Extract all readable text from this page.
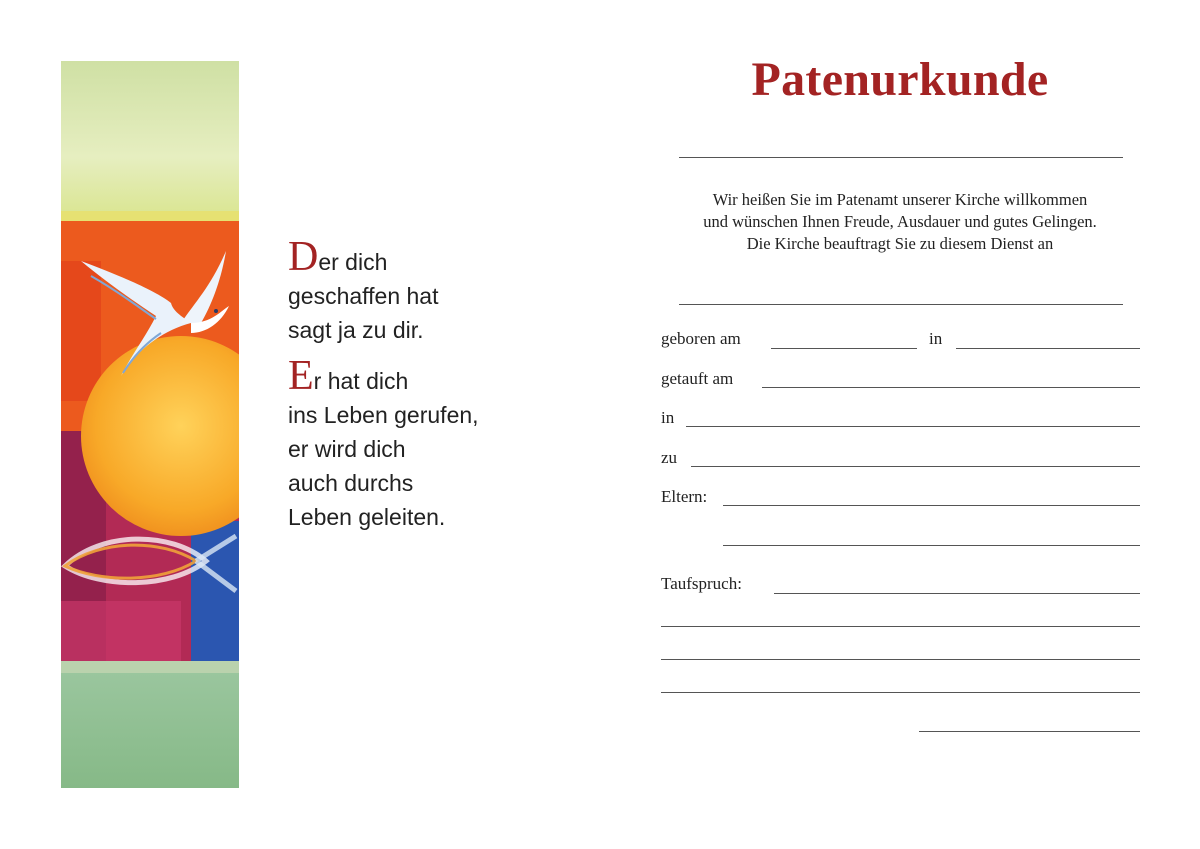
Der dich
geschaffen hat
sagt ja zu dir.
Er hat dich
ins Leben gerufen,
er wird dich
auch durchs
Leben geleiten.
Patenurkunde
Wir heißen Sie im Patenamt unserer Kirche willkommen
und wünschen Ihnen Freude, Ausdauer und gutes Gelingen.
Die Kirche beauftragt Sie zu diesem Dienst an
geboren am	in
getauft am
in
zu
Eltern:
Taufspruch:
